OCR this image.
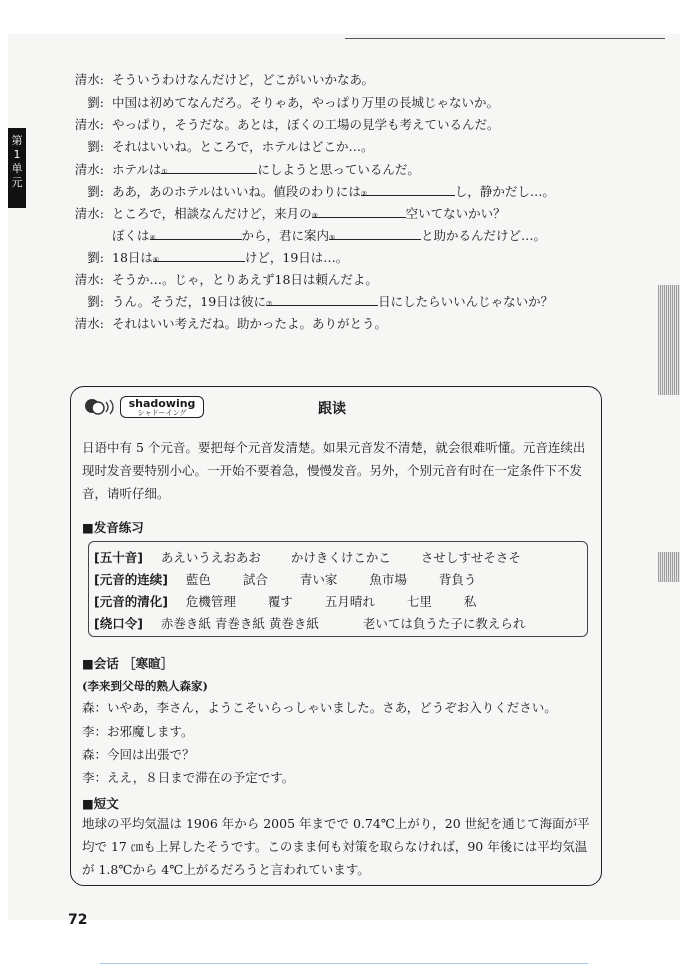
第
1
单
元
清水: そういうわけなんだけど，どこがいいかなあ。
劉: 中国は初めてなんだろ。そりゃあ，やっぱり万里の長城じゃないか。
清水: やっぱり，そうだな。あとは，ぼくの工場の見学も考えているんだ。
劉: それはいいね。ところで，ホテルはどこか…。
清水: ホテルは ①	にしようと思っているんだ。
劉: ああ，あのホテルはいいね。値段のわりには ②	し，静かだし…。
清水: ところで，相談なんだけど，来月の ③	空いてないかい？
ぼくは ④	から，君に案内 ⑤	と助かるんだけど…。
劉: 18日は ⑥	けど，19日は…。
清水: そうか…。じゃ，とりあえず18日は頼んだよ。
劉: うん。そうだ，19日は彼に ⑦	日にしたらいいんじゃないか？
清水: それはいい考えだね。助かったよ。ありがとう。
shadowing
シャドーイング	跟读
日语中有 5 个元音。要把每个元音发清楚。如果元音发不清楚，就会很难听懂。元音连续出现时发音要特别小心。一开始不要着急，慢慢发音。另外，个别元音有时在一定条件下不发音，请听仔细。
■发音练习
[五十音] あえいうえおあお かけきくけこかこ させしすせそさそ
[元音的连续] 藍色	試合	青い家	魚市場	背負う
[元音的清化] 危機管理	覆す	五月晴れ	七里	私
[绕口令] 赤巻き紙 青巻き紙 黄巻き紙	老いては負うた子に教えられ
■会话 ［寒暄］
(李来到父母的熟人森家)
森：いやあ，李さん，ようこそいらっしゃいました。さあ，どうぞお入りください。
李：お邪魔します。
森：今回は出張で？
李：ええ，８日まで滞在の予定です。
■短文
地球の平均気温は 1906 年から 2005 年までで 0.74℃上がり，20 世紀を通じて海面が平均で 17 ㎝も上昇したそうです。このまま何も対策を取らなければ，90 年後には平均気温が 1.8℃から 4℃上がるだろうと言われています。
72
